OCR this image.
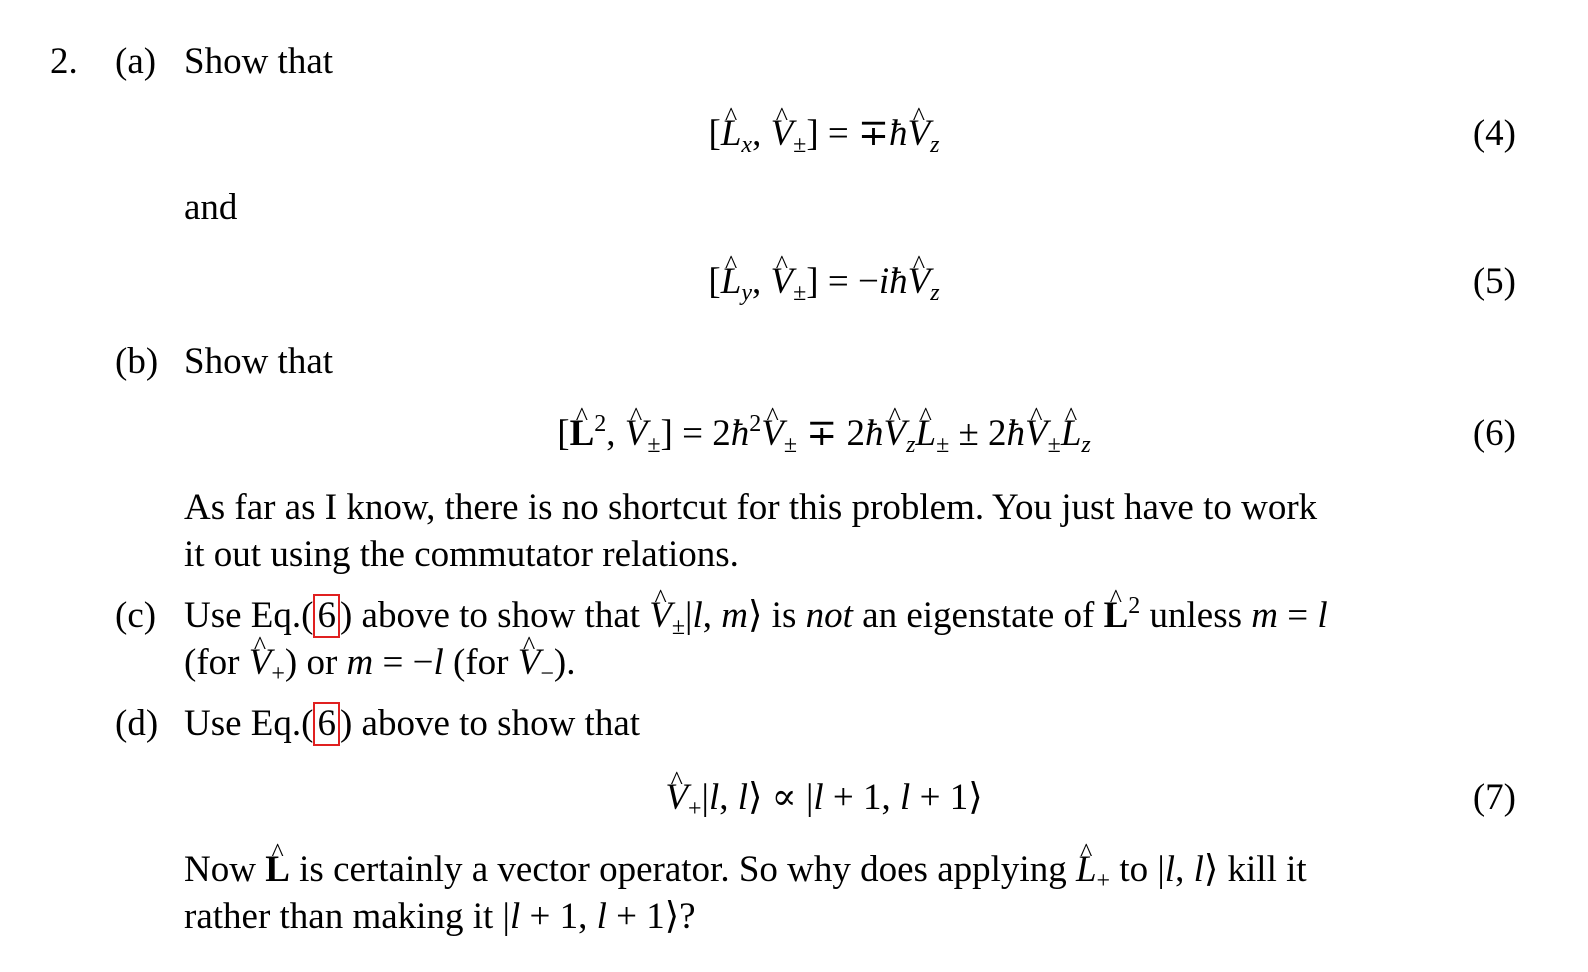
2. (a) Show that
[L $\^{}_x$, V $\^{}_\pm$] = ∓ħV $\^{}_z$	(4)
and
[L $\^{}_y$, V $\^{}_\pm$] = −iħV $\^{}_z$	(5)
(b) Show that
[L ^$^2$, V $\^{}_\pm$] = $2ħ^2V$ $\^{}_\pm$ ∓ 2ħV $\^{}_zL$ $\^{}_\pm$ ± 2ħV $\^{}_\pm L$ $\^{}_z$	(6)
As far as I know, there is no shortcut for this problem. You just have to work
it out using the commutator relations.
(c) Use Eq.( 6 ) above to show that V $\^{}_\pm|l$, m⟩ is not an eigenstate of L ^$^2$ unless m = l
(for V $\^{}_+$) or m = −l (for V $\^{}_-$).
(d) Use Eq.( 6 ) above to show that
V $\^{}_+|l$, l⟩ ∝ |l + 1, l + 1⟩	(7)
Now L ^ is certainly a vector operator. So why does applying L $\^{}_+$ to |l, l⟩ kill it
rather than making it |l + 1, l + 1⟩?
